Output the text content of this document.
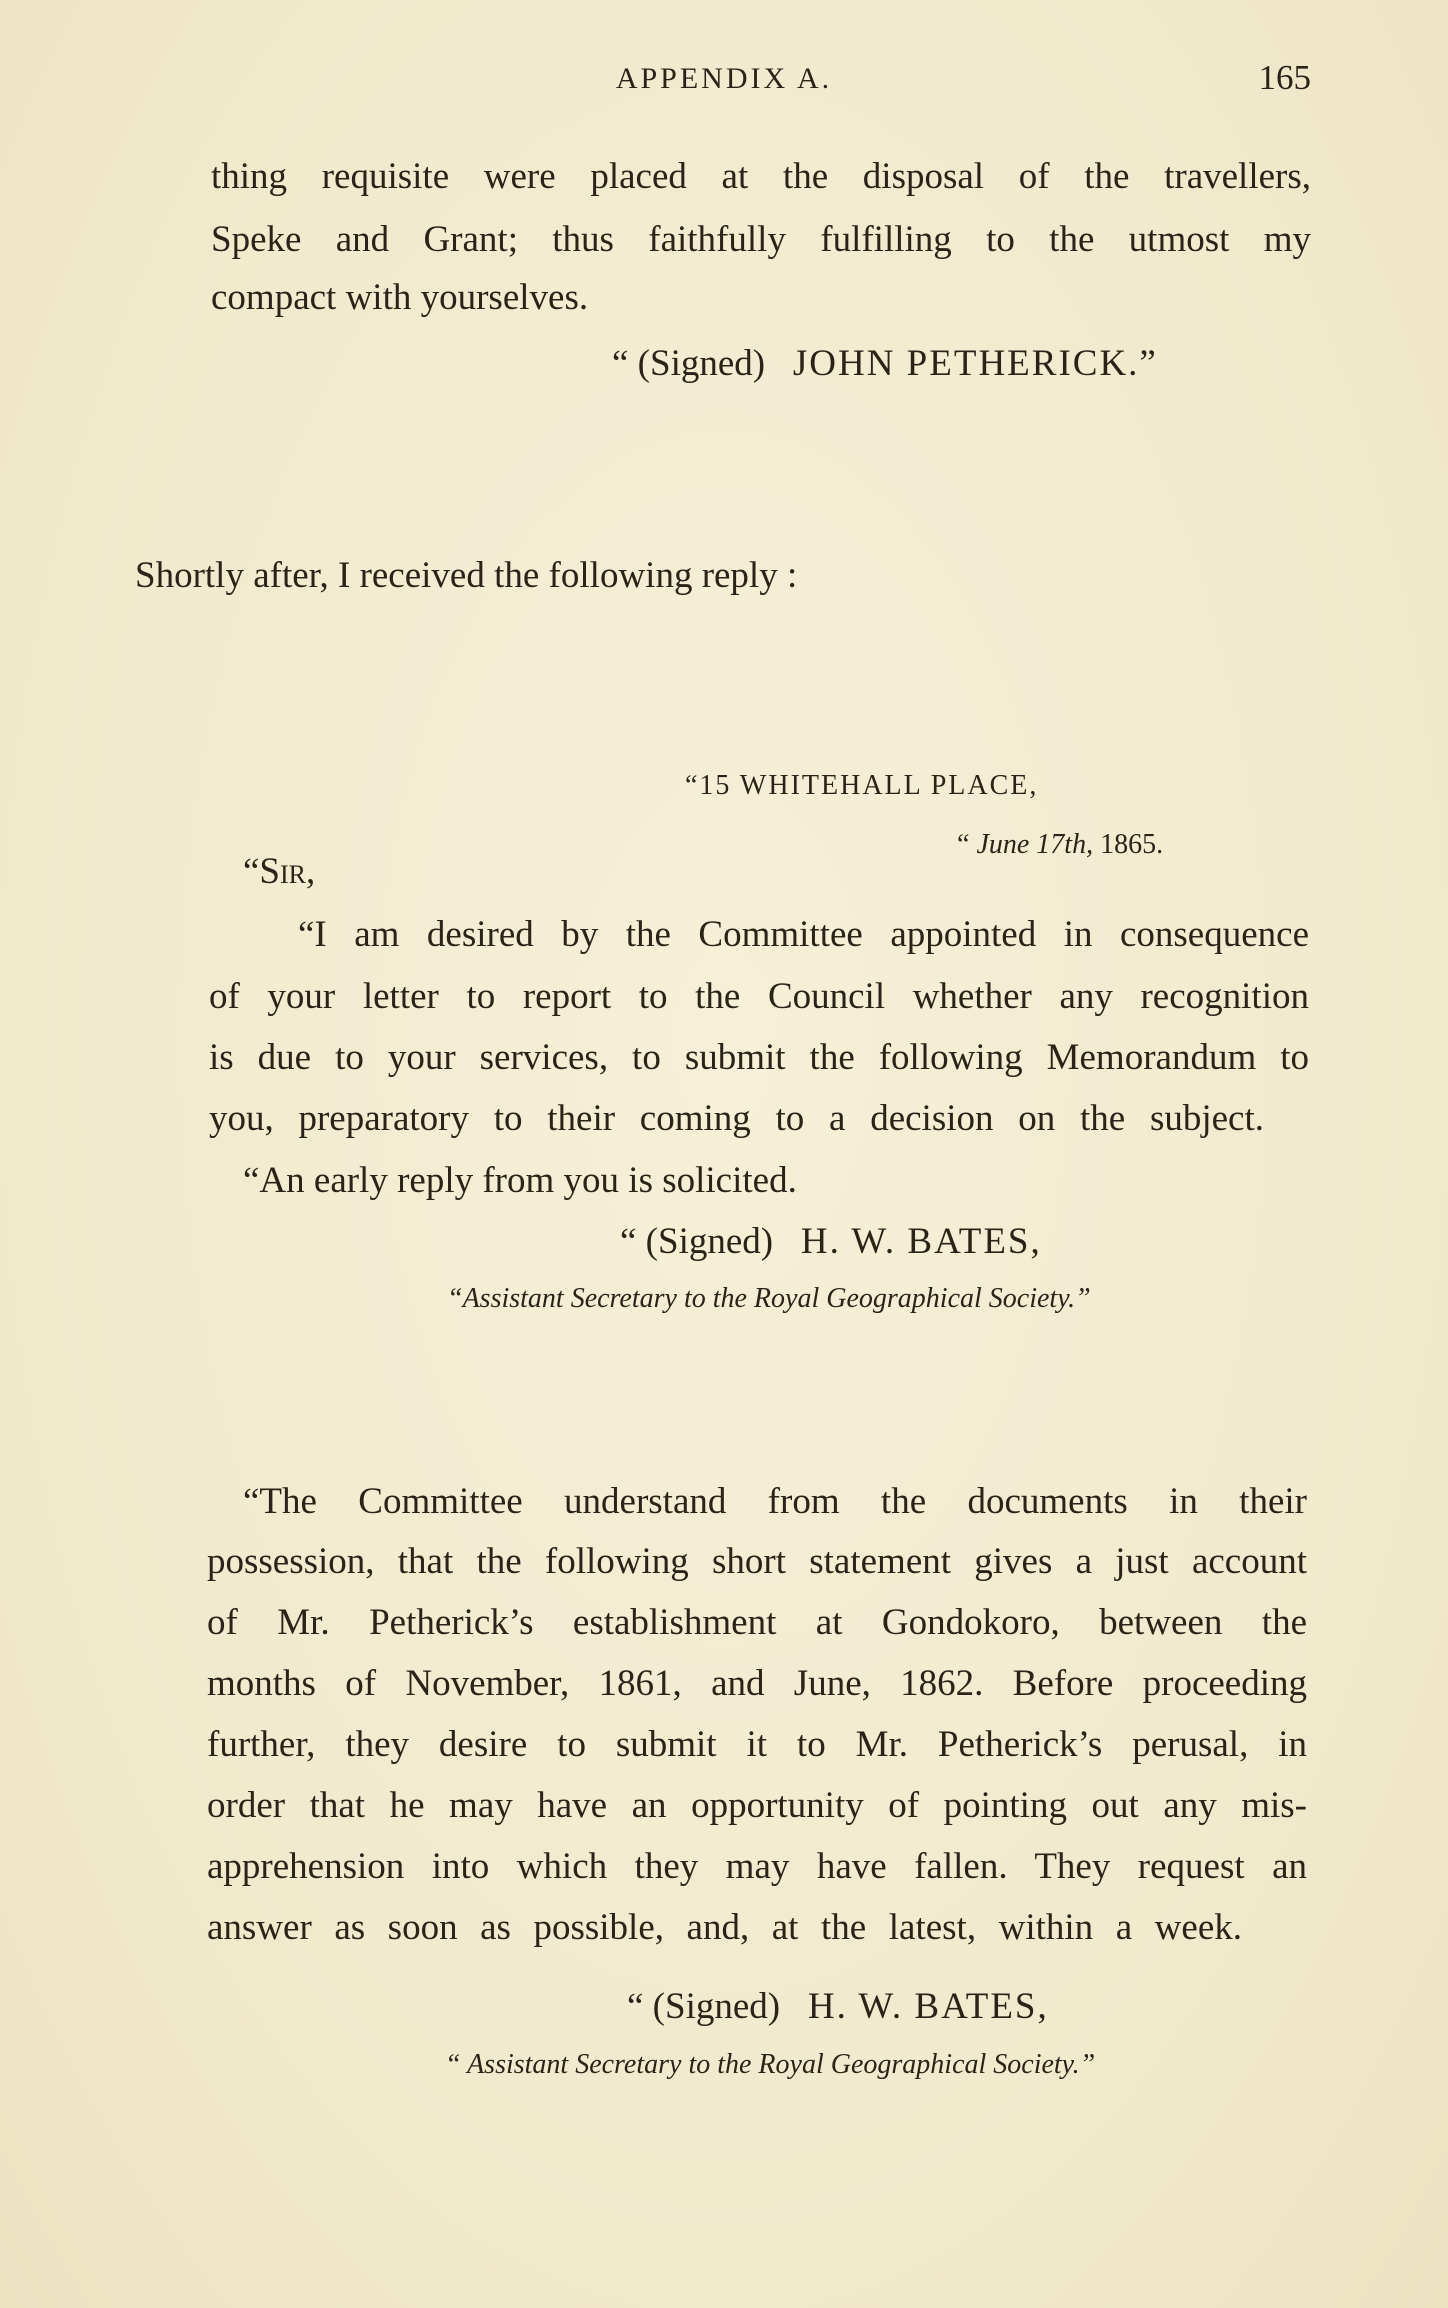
APPENDIX A.	165
thing requisite were placed at the disposal of the travellers,
Speke and Grant; thus faithfully fulfilling to the utmost my
compact with yourselves.
“ (Signed) JOHN PETHERICK.”
Shortly after, I received the following reply :
“15 WHITEHALL PLACE,
“ June 17th, 1865.
“Sir,
“I am desired by the Committee appointed in consequence
of your letter to report to the Council whether any recognition
is due to your services, to submit the following Memorandum to
you, preparatory to their coming to a decision on the subject.
“An early reply from you is solicited.
“ (Signed) H. W. BATES,
“Assistant Secretary to the Royal Geographical Society.”
“The Committee understand from the documents in their
possession, that the following short statement gives a just account
of Mr. Petherick’s establishment at Gondokoro, between the
months of November, 1861, and June, 1862. Before proceeding
further, they desire to submit it to Mr. Petherick’s perusal, in
order that he may have an opportunity of pointing out any mis-
apprehension into which they may have fallen. They request an
answer as soon as possible, and, at the latest, within a week.
“ (Signed) H. W. BATES,
“ Assistant Secretary to the Royal Geographical Society.”
